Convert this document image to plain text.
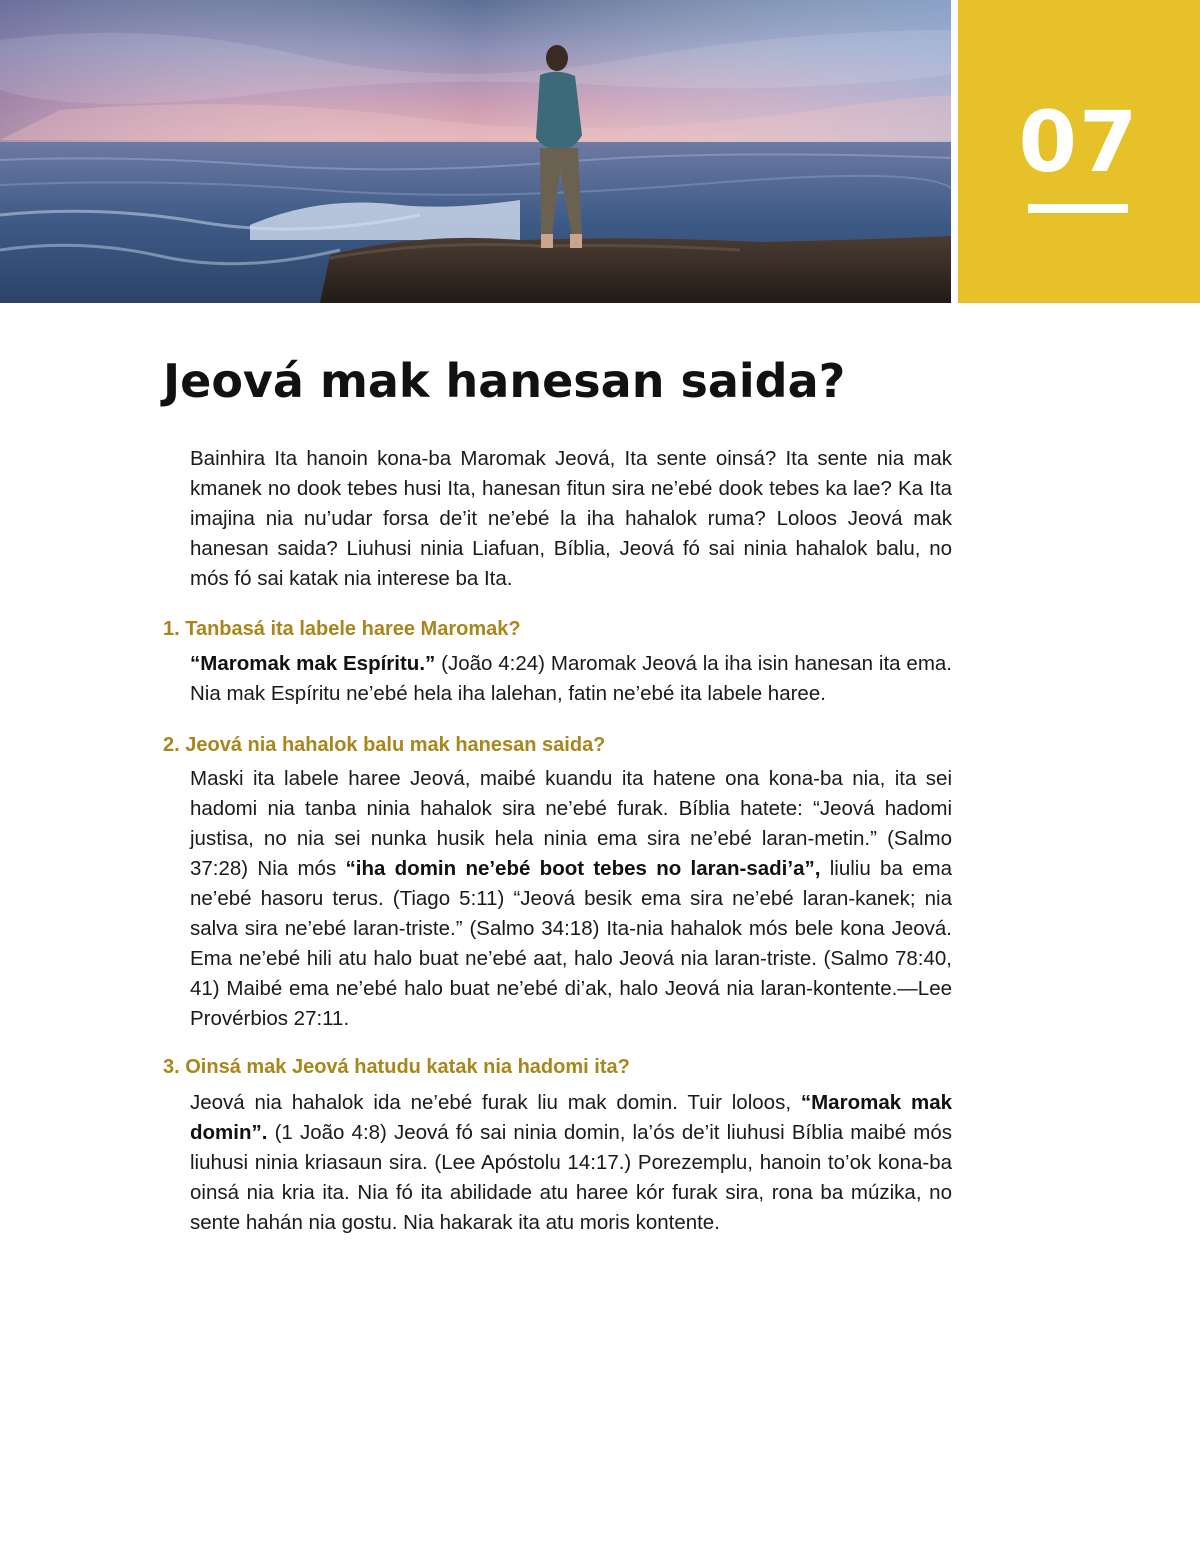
07
Jeová mak hanesan saida?

Bainhira Ita hanoin kona-ba Maromak Jeová, Ita sente oinsá? Ita sente nia mak kmanek no dook tebes husi Ita, hanesan fitun sira ne’ebé dook tebes ka lae? Ka Ita imajina nia nu’udar forsa de’it ne’ebé la iha hahalok ruma? Loloos Jeová mak hanesan saida? Liuhusi ninia Liafuan, Bíblia, Jeová fó sai ninia hahalok balu, no mós fó sai katak nia interese ba Ita.

1. Tanbasá ita labele haree Maromak?

“Maromak mak Espíritu.” (João 4:24) Maromak Jeová la iha isin hanesan ita ema. Nia mak Espíritu ne’ebé hela iha lalehan, fatin ne’ebé ita labele haree.

2. Jeová nia hahalok balu mak hanesan saida?

Maski ita labele haree Jeová, maibé kuandu ita hatene ona kona-ba nia, ita sei hadomi nia tanba ninia hahalok sira ne’ebé furak. Bíblia hatete: “Jeová hadomi justisa, no nia sei nunka husik hela ninia ema sira ne’ebé laran-metin.” (Salmo 37:28) Nia mós “iha domin ne’ebé boot tebes no laran-sadi’a”, liuliu ba ema ne’ebé hasoru terus. (Tiago 5:11) “Jeová besik ema sira ne’ebé laran-kanek; nia salva sira ne’ebé laran-triste.” (Salmo 34:18) Ita-nia hahalok mós bele kona Jeová. Ema ne’ebé hili atu halo buat ne’ebé aat, halo Jeová nia laran-triste. (Salmo 78:40, 41) Maibé ema ne’ebé halo buat ne’ebé di’ak, halo Jeová nia laran-kontente.—Lee Provérbios 27:11.

3. Oinsá mak Jeová hatudu katak nia hadomi ita?

Jeová nia hahalok ida ne’ebé furak liu mak domin. Tuir loloos, “Maromak mak domin”. (1 João 4:8) Jeová fó sai ninia domin, la’ós de’it liuhusi Bíblia maibé mós liuhusi ninia kriasaun sira. (Lee Apóstolu 14:17.) Porezemplu, hanoin to’ok kona-ba oinsá nia kria ita. Nia fó ita abilidade atu haree kór furak sira, rona ba múzika, no sente hahán nia gostu. Nia hakarak ita atu moris kontente.
